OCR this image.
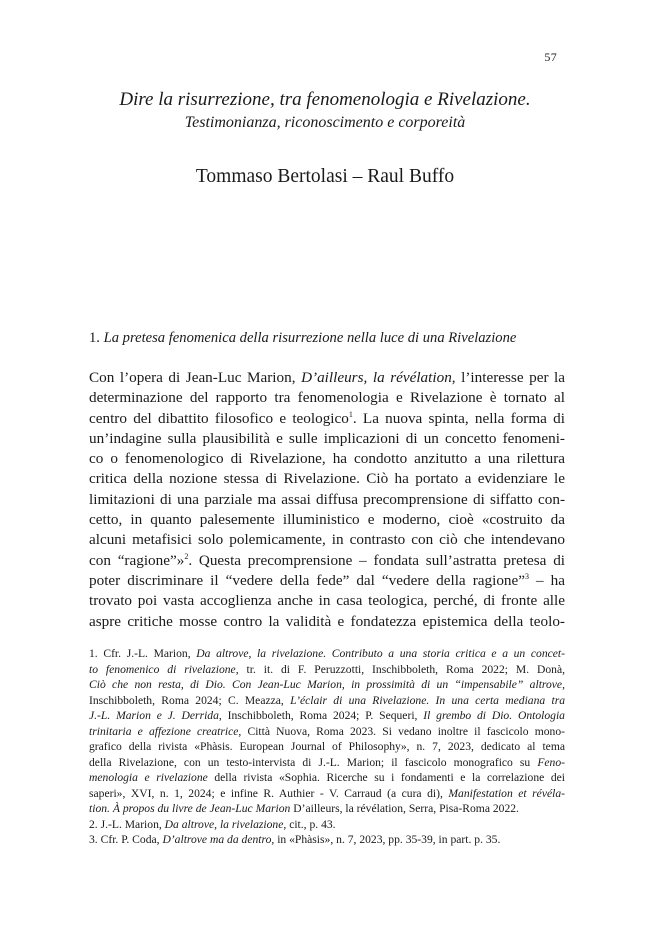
57
Dire la risurrezione, tra fenomenologia e Rivelazione.
Testimonianza, riconoscimento e corporeità
Tommaso Bertolasi – Raul Buffo
1. La pretesa fenomenica della risurrezione nella luce di una Rivelazione
Con l’opera di Jean-Luc Marion, D’ailleurs, la révélation, l’interesse per la
determinazione del rapporto tra fenomenologia e Rivelazione è tornato al
centro del dibattito filosofico e teologico$^1$. La nuova spinta, nella forma di
un’indagine sulla plausibilità e sulle implicazioni di un concetto fenomeni-
co o fenomenologico di Rivelazione, ha condotto anzitutto a una rilettura
critica della nozione stessa di Rivelazione. Ciò ha portato a evidenziare le
limitazioni di una parziale ma assai diffusa precomprensione di siffatto con-
cetto, in quanto palesemente illuministico e moderno, cioè «costruito da
alcuni metafisici solo polemicamente, in contrasto con ciò che intendevano
con “ragione”»$^2$. Questa precomprensione – fondata sull’astratta pretesa di
poter discriminare il “vedere della fede” dal “vedere della ragione”$^3$ – ha
trovato poi vasta accoglienza anche in casa teologica, perché, di fronte alle
aspre critiche mosse contro la validità e fondatezza epistemica della teolo-
1. Cfr. J.-L. Marion, Da altrove, la rivelazione. Contributo a una storia critica e a un concet-
to fenomenico di rivelazione, tr. it. di F. Peruzzotti, Inschibboleth, Roma 2022; M. Donà,
Ciò che non resta, di Dio. Con Jean-Luc Marion, in prossimità di un “impensabile” altrove,
Inschibboleth, Roma 2024; C. Meazza, L’éclair di una Rivelazione. In una certa mediana tra
J.-L. Marion e J. Derrida, Inschibboleth, Roma 2024; P. Sequeri, Il grembo di Dio. Ontologia
trinitaria e affezione creatrice, Città Nuova, Roma 2023. Si vedano inoltre il fascicolo mono-
grafico della rivista «Phàsis. European Journal of Philosophy», n. 7, 2023, dedicato al tema
della Rivelazione, con un testo-intervista di J.-L. Marion; il fascicolo monografico su Feno-
menologia e rivelazione della rivista «Sophia. Ricerche su i fondamenti e la correlazione dei
saperi», XVI, n. 1, 2024; e infine R. Authier - V. Carraud (a cura di), Manifestation et révéla-
tion. À propos du livre de Jean-Luc Marion D’ailleurs, la révélation, Serra, Pisa-Roma 2022.
2. J.-L. Marion, Da altrove, la rivelazione, cit., p. 43.
3. Cfr. P. Coda, D’altrove ma da dentro, in «Phàsis», n. 7, 2023, pp. 35-39, in part. p. 35.
